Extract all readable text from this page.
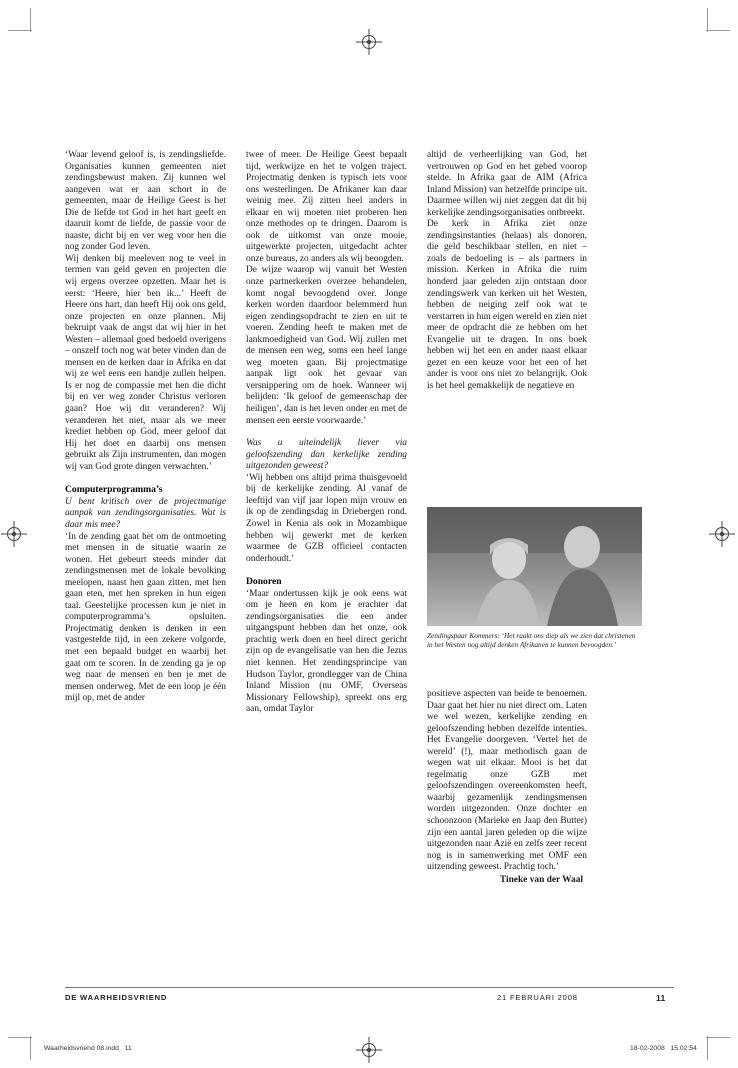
‘Waar levend geloof is, is zendingsliefde. Organisaties kunnen gemeenten niet zendingsbewust maken. Zij kunnen wel aangeven wat er aan schort in de gemeenten, maar de Heilige Geest is het Die de liefde tot God in het hart geeft en daaruit komt de liefde, de passie voor de naaste, dicht bij en ver weg voor hen die nog zonder God leven.

Wij denken bij meeleven nog te veel in termen van geld geven en projecten die wij ergens overzee opzetten. Maar het is eerst: ‘Heere, hier ben ik...’ Heeft de Heere ons hart, dan heeft Hij ook ons geld, onze projecten en onze plannen. Mij bekruipt vaak de angst dat wij hier in het Westen – allemaal goed bedoeld overigens – onszelf toch nog wat beter vinden dan de mensen en de kerken daar in Afrika en dat wij ze wel eens een handje zullen helpen. Is er nog de compassie met hen die dicht bij en ver weg zonder Christus verloren gaan? Hoe wij dit veranderen? Wij veranderen het niet, maar als we meer krediet hebben op God, meer geloof dat Hij het doet en daarbij ons mensen gebruikt als Zijn instrumenten, dan mogen wij van God grote dingen verwachten.’

Computerprogramma’s

U bent kritisch over de projectmatige aanpak van zendingsorganisaties. Wat is daar mis mee?

‘In de zending gaat het om de ontmoeting met mensen in de situatie waarin ze wonen. Het gebeurt steeds minder dat zendingsmensen met de lokale bevolking meelopen, naast hen gaan zitten, met hen gaan eten, met hen spreken in hun eigen taal. Geestelijke processen kun je niet in computerprogramma’s opsluiten. Projectmatig denken is denken in een vastgestelde tijd, in een zekere volgorde, met een bepaald budget en waarbij het gaat om te scoren. In de zending ga je op weg naar de mensen en ben je met de mensen onderweg. Met de een loop je één mijl op, met de ander

twee of meer. De Heilige Geest bepaalt tijd, werkwijze en het te volgen traject. Projectmatig denken is typisch iets voor ons westerlingen. De Afrikaner kan daar weinig mee. Zij zitten heel anders in elkaar en wij moeten niet proberen hen onze methodes op te dringen. Daarom is ook de uitkomst van onze mooie, uitgewerkte projecten, uitgedacht achter onze bureaus, zo anders als wij beoogden.

De wijze waarop wij vanuit het Westen onze partnerkerken overzee behandelen, komt nogal bevoogdend over. Jonge kerken worden daardoor belemmerd hun eigen zendingsopdracht te zien en uit te voeren. Zending heeft te maken met de lankmoedigheid van God. Wij zullen met de mensen een weg, soms een heel lange weg moeten gaan. Bij projectmatige aanpak ligt ook het gevaar van versnippering om de hoek. Wanneer wij belijden: ‘Ik geloof de gemeenschap der heiligen’, dan is het leven onder en met de mensen een eerste voorwaarde.’

Was u uiteindelijk liever via geloofszending dan kerkelijke zending uitgezonden geweest?

‘Wij hebben ons altijd prima thuisgevoeld bij de kerkelijke zending. Al vanaf de leeftijd van vijf jaar lopen mijn vrouw en ik op de zendingsdag in Driebergen rond. Zowel in Kenia als ook in Mozambique hebben wij gewerkt met de kerken waarmee de GZB officieel contacten onderhoudt.’

Donoren

‘Maar ondertussen kijk je ook eens wat om je heen en kom je erachter dat zendingsorganisaties die een ander uitgangspunt hebben dan het onze, ook prachtig werk doen en heel direct gericht zijn op de evangelisatie van hen die Jezus niet kennen. Het zendingsprincipe van Hudson Taylor, grondlegger van de China Inland Mission (nu OMF, Overseas Missionary Fellowship), spreekt ons erg aan, omdat Taylor

altijd de verheerlijking van God, het vertrouwen op God en het gebed voorop stelde. In Afrika gaat de AIM (Africa Inland Mission) van hetzelfde principe uit. Daarmee willen wij niet zeggen dat dit bij kerkelijke zendingsorganisaties ontbreekt.

De kerk in Afrika ziet onze zendingsinstanties (helaas) als donoren, die geld beschikbaar stellen, en niet – zoals de bedoeling is – als partners in mission. Kerken in Afrika die ruim honderd jaar geleden zijn ontstaan door zendingswerk van kerken uit het Westen, hebben de neiging zelf ook wat te verstarren in hun eigen wereld en zien niet meer de opdracht die ze hebben om het Evangelie uit te dragen. In ons boek hebben wij het een en ander naast elkaar gezet en een keuze voor het een of het ander is voor ons niet zo belangrijk. Ook is het heel gemakkelijk de negatieve en

Zendingspaar Kommers: ‘Het raakt ons diep als we zien dat christenen in het Westen nog altijd denken Afrikanen te kunnen bevoogden.’

positieve aspecten van beide te benoemen. Daar gaat het hier nu niet direct om. Laten we wel wezen, kerkelijke zending en geloofszending hebben dezelfde intenties. Het Evangelie doorgeven. ‘Vertel het de wereld’ (!), maar methodisch gaan de wegen wat uit elkaar. Mooi is het dat regelmatig onze GZB met geloofszendingen overeenkomsten heeft, waarbij gezamenlijk zendingsmensen worden uitgezonden. Onze dochter en schoonzoon (Marieke en Jaap den Butter) zijn een aantal jaren geleden op die wijze uitgezonden naar Azië en zelfs zeer recent nog is in samenwerking met OMF een uitzending geweest. Prachtig toch.’

Tineke van der Waal

DE WAARHEIDSVRIEND	21 FEBRUARI 2008	11
Waarheidsvriend 08.indd   11	18-02-2008   15:02:54
